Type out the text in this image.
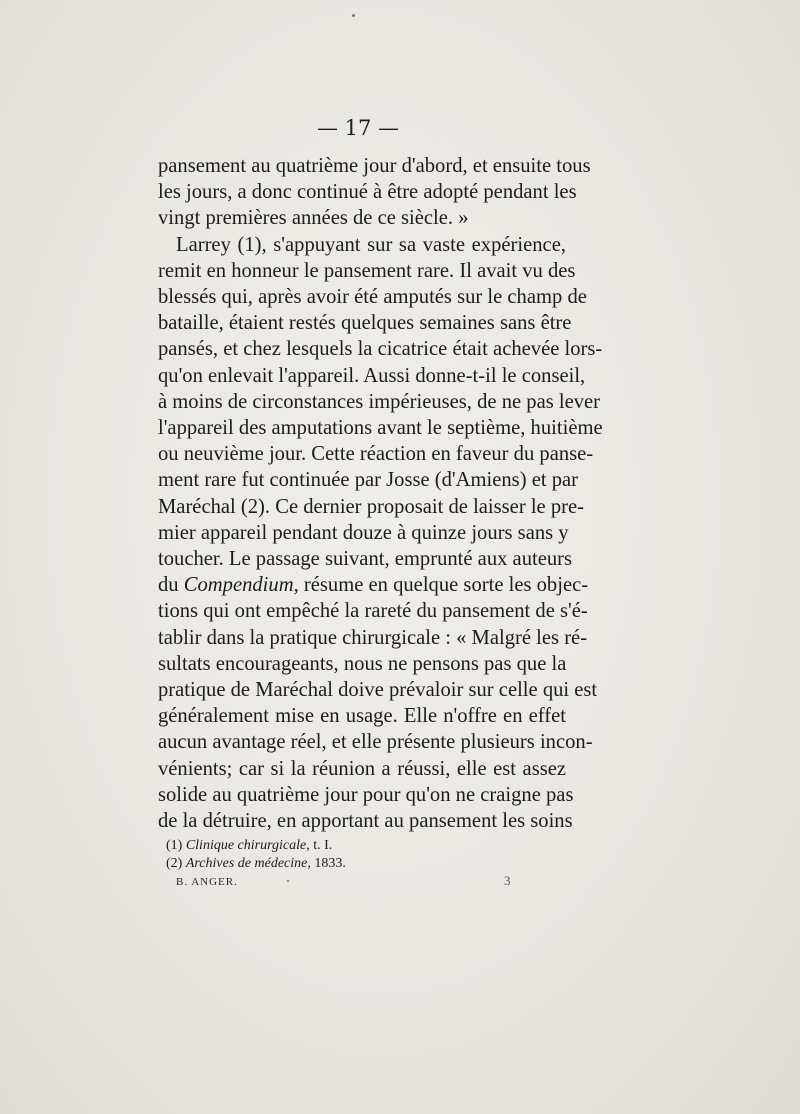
— 17 —
pansement au quatrième jour d'abord, et ensuite tous
les jours, a donc continué à être adopté pendant les
vingt premières années de ce siècle. »
Larrey (1), s'appuyant sur sa vaste expérience,
remit en honneur le pansement rare. Il avait vu des
blessés qui, après avoir été amputés sur le champ de
bataille, étaient restés quelques semaines sans être
pansés, et chez lesquels la cicatrice était achevée lors-
qu'on enlevait l'appareil. Aussi donne-t-il le conseil,
à moins de circonstances impérieuses, de ne pas lever
l'appareil des amputations avant le septième, huitième
ou neuvième jour. Cette réaction en faveur du panse-
ment rare fut continuée par Josse (d'Amiens) et par
Maréchal (2). Ce dernier proposait de laisser le pre-
mier appareil pendant douze à quinze jours sans y
toucher. Le passage suivant, emprunté aux auteurs
du Compendium, résume en quelque sorte les objec-
tions qui ont empêché la rareté du pansement de s'é-
tablir dans la pratique chirurgicale : « Malgré les ré-
sultats encourageants, nous ne pensons pas que la
pratique de Maréchal doive prévaloir sur celle qui est
généralement mise en usage. Elle n'offre en effet
aucun avantage réel, et elle présente plusieurs incon-
vénients; car si la réunion a réussi, elle est assez
solide au quatrième jour pour qu'on ne craigne pas
de la détruire, en apportant au pansement les soins
(1) Clinique chirurgicale, t. I.
(2) Archives de médecine, 1833.
B. ANGER.	3
